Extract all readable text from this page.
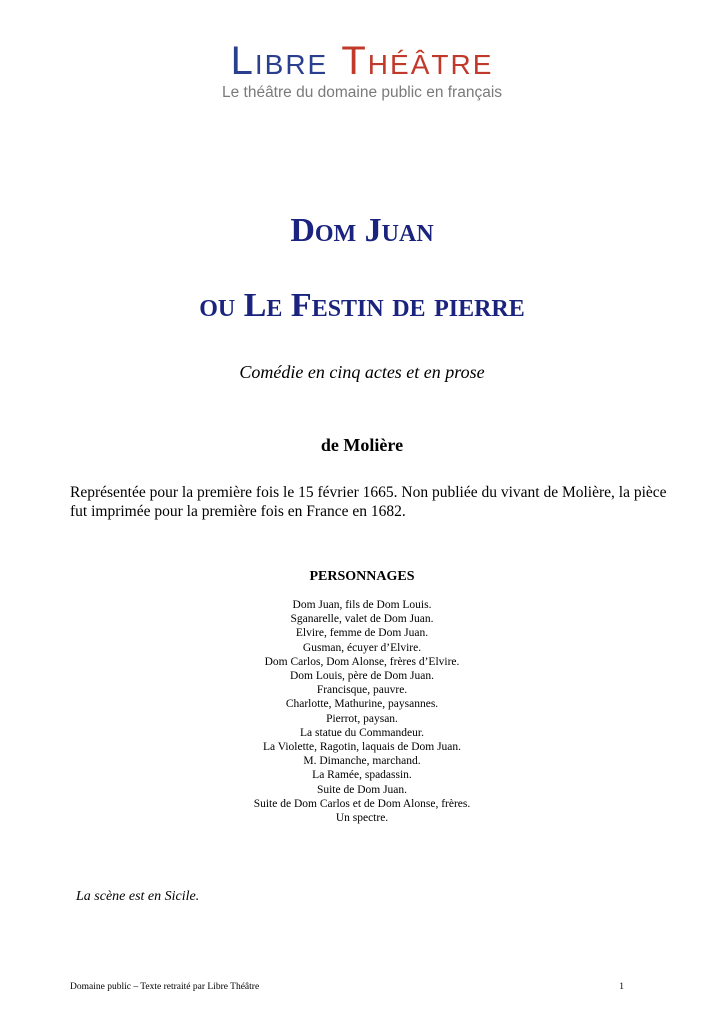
Libre Théâtre
Le théâtre du domaine public en français
Dom Juan
ou Le Festin de pierre
Comédie en cinq actes et en prose
de Molière
Représentée pour la première fois le 15 février 1665. Non publiée du vivant de Molière, la pièce fut imprimée pour la première fois en France en 1682.
PERSONNAGES
Dom Juan, fils de Dom Louis.
Sganarelle, valet de Dom Juan.
Elvire, femme de Dom Juan.
Gusman, écuyer d’Elvire.
Dom Carlos, Dom Alonse, frères d’Elvire.
Dom Louis, père de Dom Juan.
Francisque, pauvre.
Charlotte, Mathurine, paysannes.
Pierrot, paysan.
La statue du Commandeur.
La Violette, Ragotin, laquais de Dom Juan.
M. Dimanche, marchand.
La Ramée, spadassin.
Suite de Dom Juan.
Suite de Dom Carlos et de Dom Alonse, frères.
Un spectre.
La scène est en Sicile.
Domaine public – Texte retraité par Libre Théâtre	1
